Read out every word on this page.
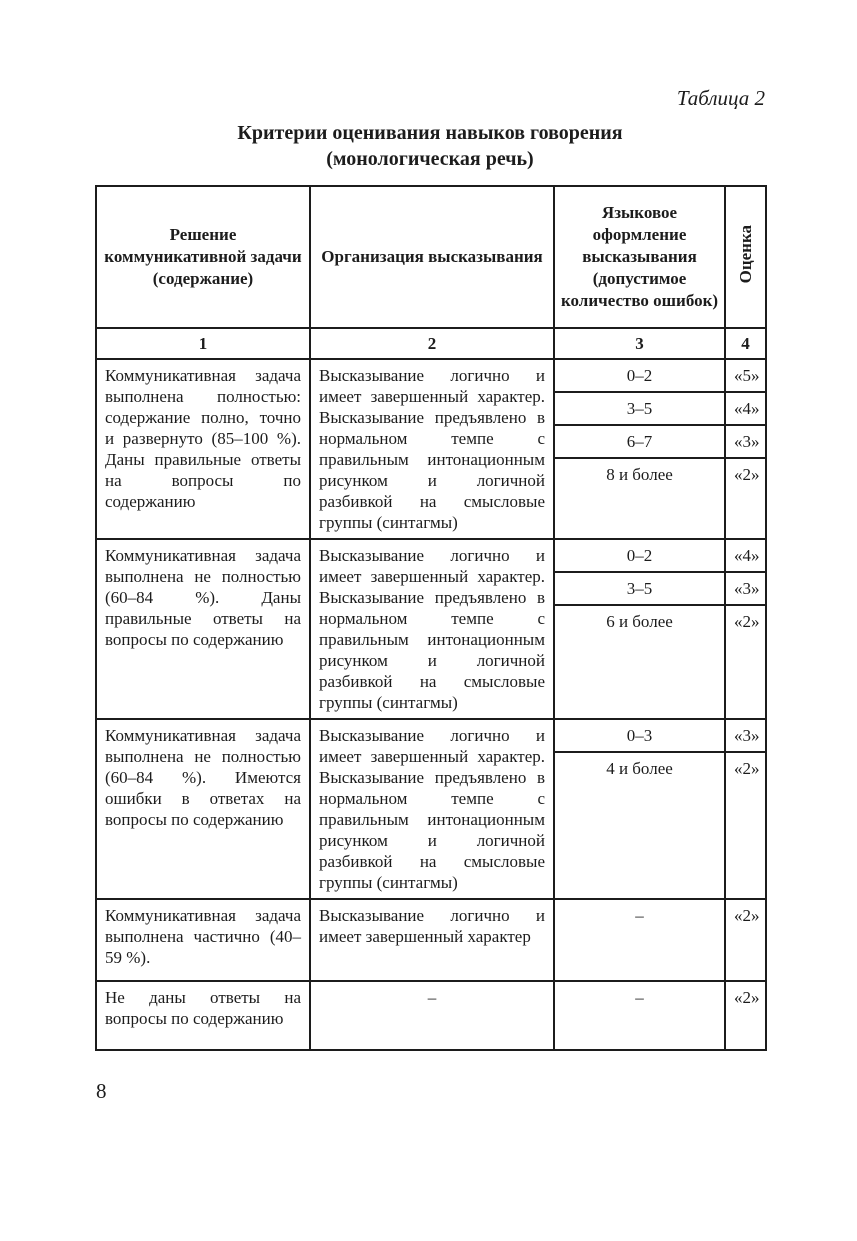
Таблица 2
Критерии оценивания навыков говорения
(монологическая речь)
Решение коммуникативной задачи (содержание)	Организация высказывания	Языковое оформление высказывания (допустимое количество ошибок)	Оценка
1	2	3	4
Коммуникативная задача выполнена полностью: содержание полно, точно и развернуто (85–100 %). Даны правильные ответы на вопросы по содержанию	Высказывание логично и имеет завершенный характер. Высказывание предъявлено в нормальном темпе с правильным интонационным рисунком и логичной разбивкой на смысловые группы (синтагмы)	0–2	«5»
		3–5	«4»
		6–7	«3»
		8 и более	«2»
Коммуникативная задача выполнена не полностью (60–84 %). Даны правильные ответы на вопросы по содержанию	Высказывание логично и имеет завершенный характер. Высказывание предъявлено в нормальном темпе с правильным интонационным рисунком и логичной разбивкой на смысловые группы (синтагмы)	0–2	«4»
		3–5	«3»
		6 и более	«2»
Коммуникативная задача выполнена не полностью (60–84 %). Имеются ошибки в ответах на вопросы по содержанию	Высказывание логично и имеет завершенный характер. Высказывание предъявлено в нормальном темпе с правильным интонационным рисунком и логичной разбивкой на смысловые группы (синтагмы)	0–3	«3»
		4 и более	«2»
Коммуникативная задача выполнена частично (40–59 %).	Высказывание логично и имеет завершенный характер	–	«2»
Не даны ответы на вопросы по содержанию	–	–	«2»
8
